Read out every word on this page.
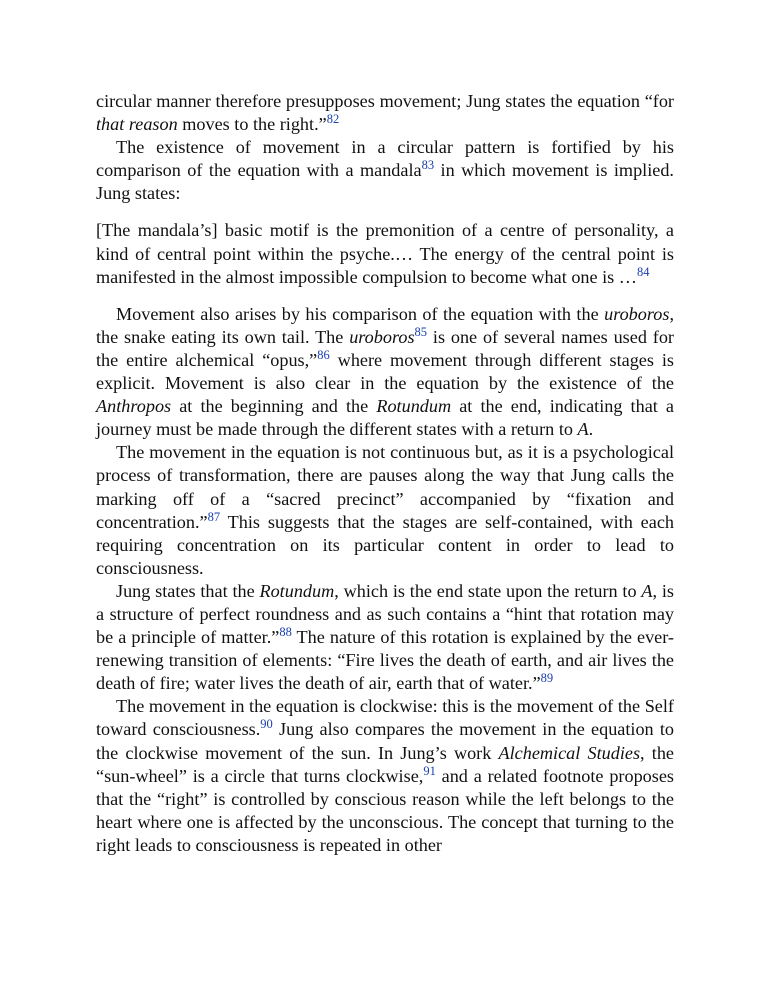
circular manner therefore presupposes movement; Jung states the equation “for that reason moves to the right.”$^{82}$

The existence of movement in a circular pattern is fortified by his comparison of the equation with a mandala$^{83}$ in which movement is implied. Jung states:

[The mandala’s] basic motif is the premonition of a centre of personality, a kind of central point within the psyche.… The energy of the central point is manifested in the almost impossible compulsion to become what one is …$^{84}$

Movement also arises by his comparison of the equation with the uroboros, the snake eating its own tail. The uroboros$^{85}$ is one of several names used for the entire alchemical “opus,”$^{86}$ where movement through different stages is explicit. Movement is also clear in the equation by the existence of the Anthropos at the beginning and the Rotundum at the end, indicating that a journey must be made through the different states with a return to A.

The movement in the equation is not continuous but, as it is a psychological process of transformation, there are pauses along the way that Jung calls the marking off of a “sacred precinct” accompanied by “fixation and concentration.”$^{87}$ This suggests that the stages are self-contained, with each requiring concentration on its particular content in order to lead to consciousness.

Jung states that the Rotundum, which is the end state upon the return to A, is a structure of perfect roundness and as such contains a “hint that rotation may be a principle of matter.”$^{88}$ The nature of this rotation is explained by the ever-renewing transition of elements: “Fire lives the death of earth, and air lives the death of fire; water lives the death of air, earth that of water.”$^{89}$

The movement in the equation is clockwise: this is the movement of the Self toward consciousness.$^{90}$ Jung also compares the movement in the equation to the clockwise movement of the sun. In Jung’s work Alchemical Studies, the “sun-wheel” is a circle that turns clockwise,$^{91}$ and a related footnote proposes that the “right” is controlled by conscious reason while the left belongs to the heart where one is affected by the unconscious. The concept that turning to the right leads to consciousness is repeated in other
